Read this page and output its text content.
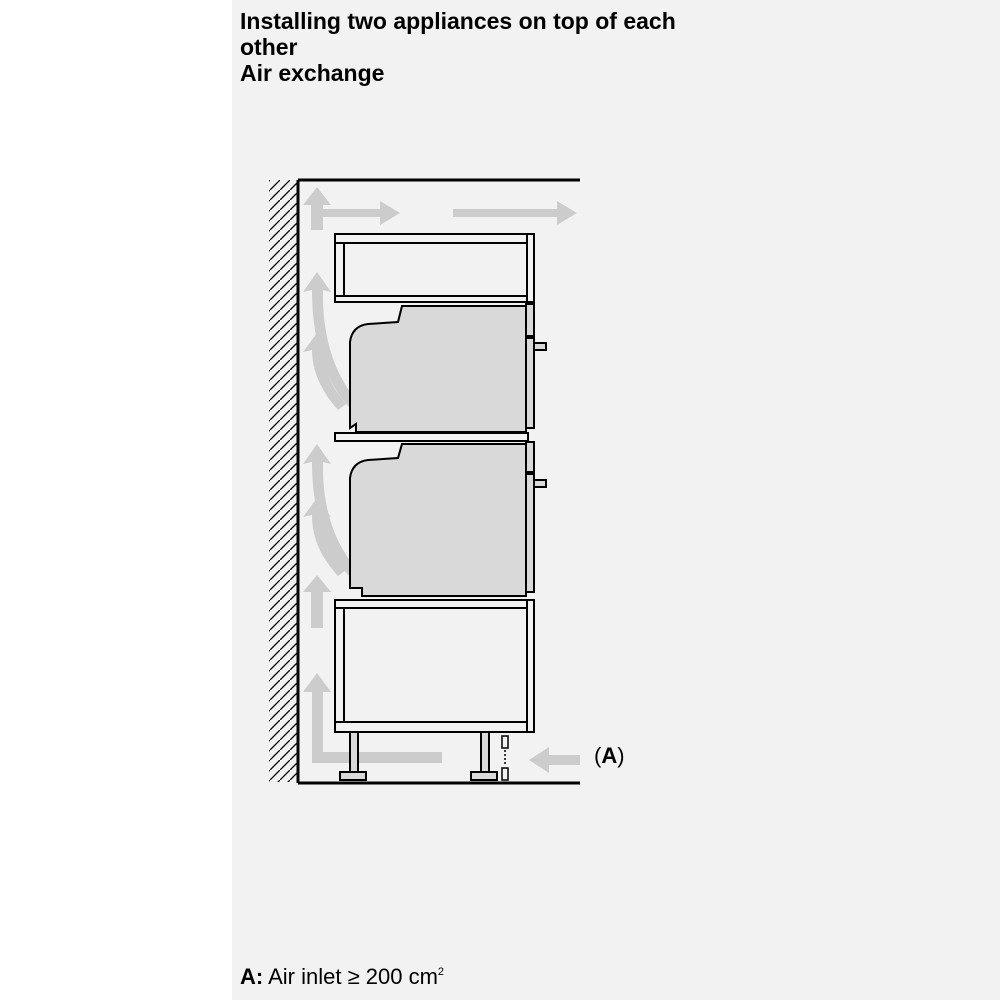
Installing two appliances on top of each
other
Air exchange
(A)
A: Air inlet ≥ 200 $cm^2$
